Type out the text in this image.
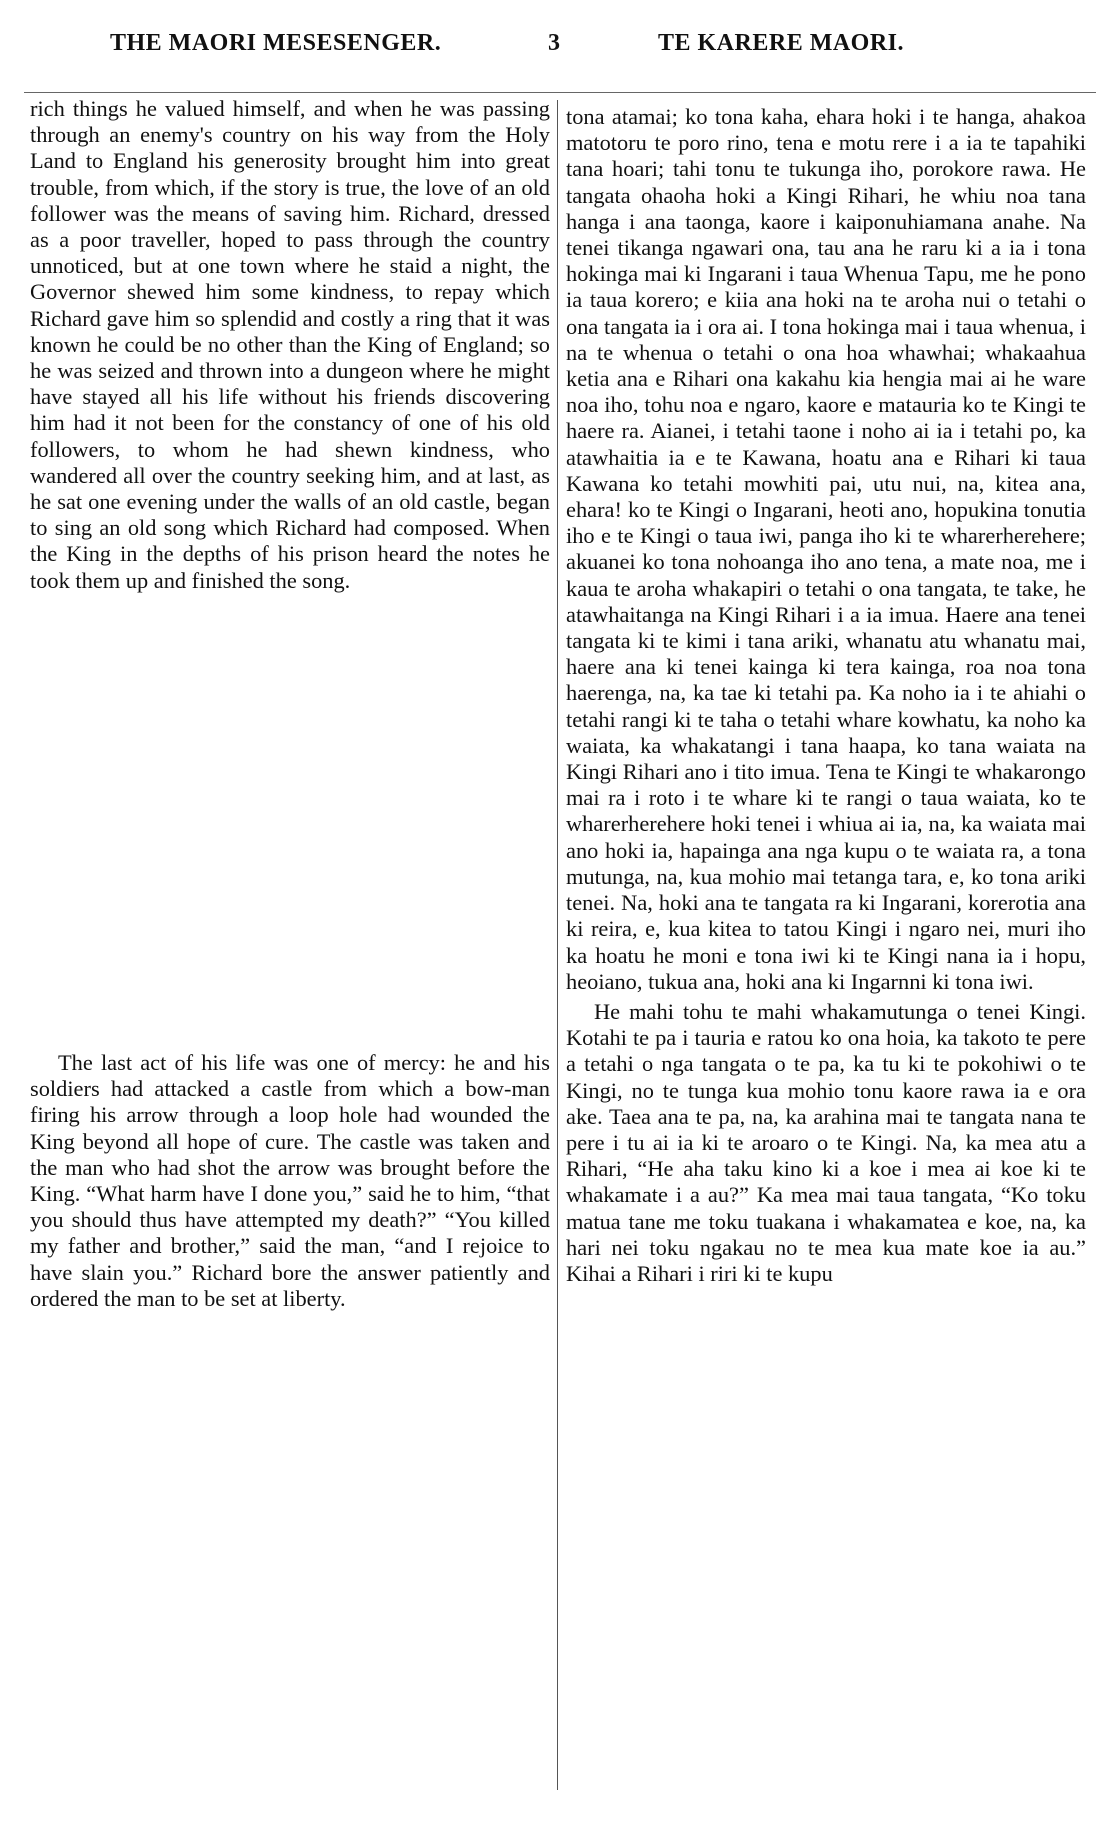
THE MAORI MESESENGER.	3	TE KARERE MAORI.

rich things he valued himself, and when he was passing through an enemy's country on his way from the Holy Land to England his generosity brought him into great trouble, from which, if the story is true, the love of an old follower was the means of saving him. Richard, dressed as a poor traveller, hoped to pass through the country unnoticed, but at one town where he staid a night, the Governor shewed him some kindness, to repay which Richard gave him so splendid and costly a ring that it was known he could be no other than the King of England; so he was seized and thrown into a dungeon where he might have stayed all his life without his friends discovering him had it not been for the constancy of one of his old followers, to whom he had shewn kindness, who wandered all over the country seeking him, and at last, as he sat one evening under the walls of an old castle, began to sing an old song which Richard had composed. When the King in the depths of his prison heard the notes he took them up and finished the song.

The last act of his life was one of mercy: he and his soldiers had attacked a castle from which a bow-man firing his arrow through a loop hole had wounded the King beyond all hope of cure. The castle was taken and the man who had shot the arrow was brought before the King. “What harm have I done you,” said he to him, “that you should thus have attempted my death?” “You killed my father and brother,” said the man, “and I rejoice to have slain you.” Richard bore the answer patiently and ordered the man to be set at liberty.

tona atamai; ko tona kaha, ehara hoki i te hanga, ahakoa matotoru te poro rino, tena e motu rere i a ia te tapahiki tana hoari; tahi tonu te tukunga iho, porokore rawa. He tangata ohaoha hoki a Kingi Rihari, he whiu noa tana hanga i ana taonga, kaore i kaiponuhiamana anahe. Na tenei tikanga ngawari ona, tau ana he raru ki a ia i tona hokinga mai ki Ingarani i taua Whenua Tapu, me he pono ia taua korero; e kiia ana hoki na te aroha nui o tetahi o ona tangata ia i ora ai. I tona hokinga mai i taua whenua, i na te whenua o tetahi o ona hoa whawhai; whakaahua ketia ana e Rihari ona kakahu kia hengia mai ai he ware noa iho, tohu noa e ngaro, kaore e matauria ko te Kingi te haere ra. Aianei, i tetahi taone i noho ai ia i tetahi po, ka atawhaitia ia e te Kawana, hoatu ana e Rihari ki taua Kawana ko tetahi mowhiti pai, utu nui, na, kitea ana, ehara! ko te Kingi o Ingarani, heoti ano, hopukina tonutia iho e te Kingi o taua iwi, panga iho ki te wharerherehere; akuanei ko tona nohoanga iho ano tena, a mate noa, me i kaua te aroha whakapiri o tetahi o ona tangata, te take, he atawhaitanga na Kingi Rihari i a ia imua. Haere ana tenei tangata ki te kimi i tana ariki, whanatu atu whanatu mai, haere ana ki tenei kainga ki tera kainga, roa noa tona haerenga, na, ka tae ki tetahi pa. Ka noho ia i te ahiahi o tetahi rangi ki te taha o tetahi whare kowhatu, ka noho ka waiata, ka whakatangi i tana haapa, ko tana waiata na Kingi Rihari ano i tito imua. Tena te Kingi te whakarongo mai ra i roto i te whare ki te rangi o taua waiata, ko te wharerherehere hoki tenei i whiua ai ia, na, ka waiata mai ano hoki ia, hapainga ana nga kupu o te waiata ra, a tona mutunga, na, kua mohio mai tetanga tara, e, ko tona ariki tenei. Na, hoki ana te tangata ra ki Ingarani, korerotia ana ki reira, e, kua kitea to tatou Kingi i ngaro nei, muri iho ka hoatu he moni e tona iwi ki te Kingi nana ia i hopu, heoiano, tukua ana, hoki ana ki Ingarnni ki tona iwi.

He mahi tohu te mahi whakamutunga o tenei Kingi. Kotahi te pa i tauria e ratou ko ona hoia, ka takoto te pere a tetahi o nga tangata o te pa, ka tu ki te pokohiwi o te Kingi, no te tunga kua mohio tonu kaore rawa ia e ora ake. Taea ana te pa, na, ka arahina mai te tangata nana te pere i tu ai ia ki te aroaro o te Kingi. Na, ka mea atu a Rihari, “He aha taku kino ki a koe i mea ai koe ki te whakamate i a au?” Ka mea mai taua tangata, “Ko toku matua tane me toku tuakana i whakamatea e koe, na, ka hari nei toku ngakau no te mea kua mate koe ia au.” Kihai a Rihari i riri ki te kupu
